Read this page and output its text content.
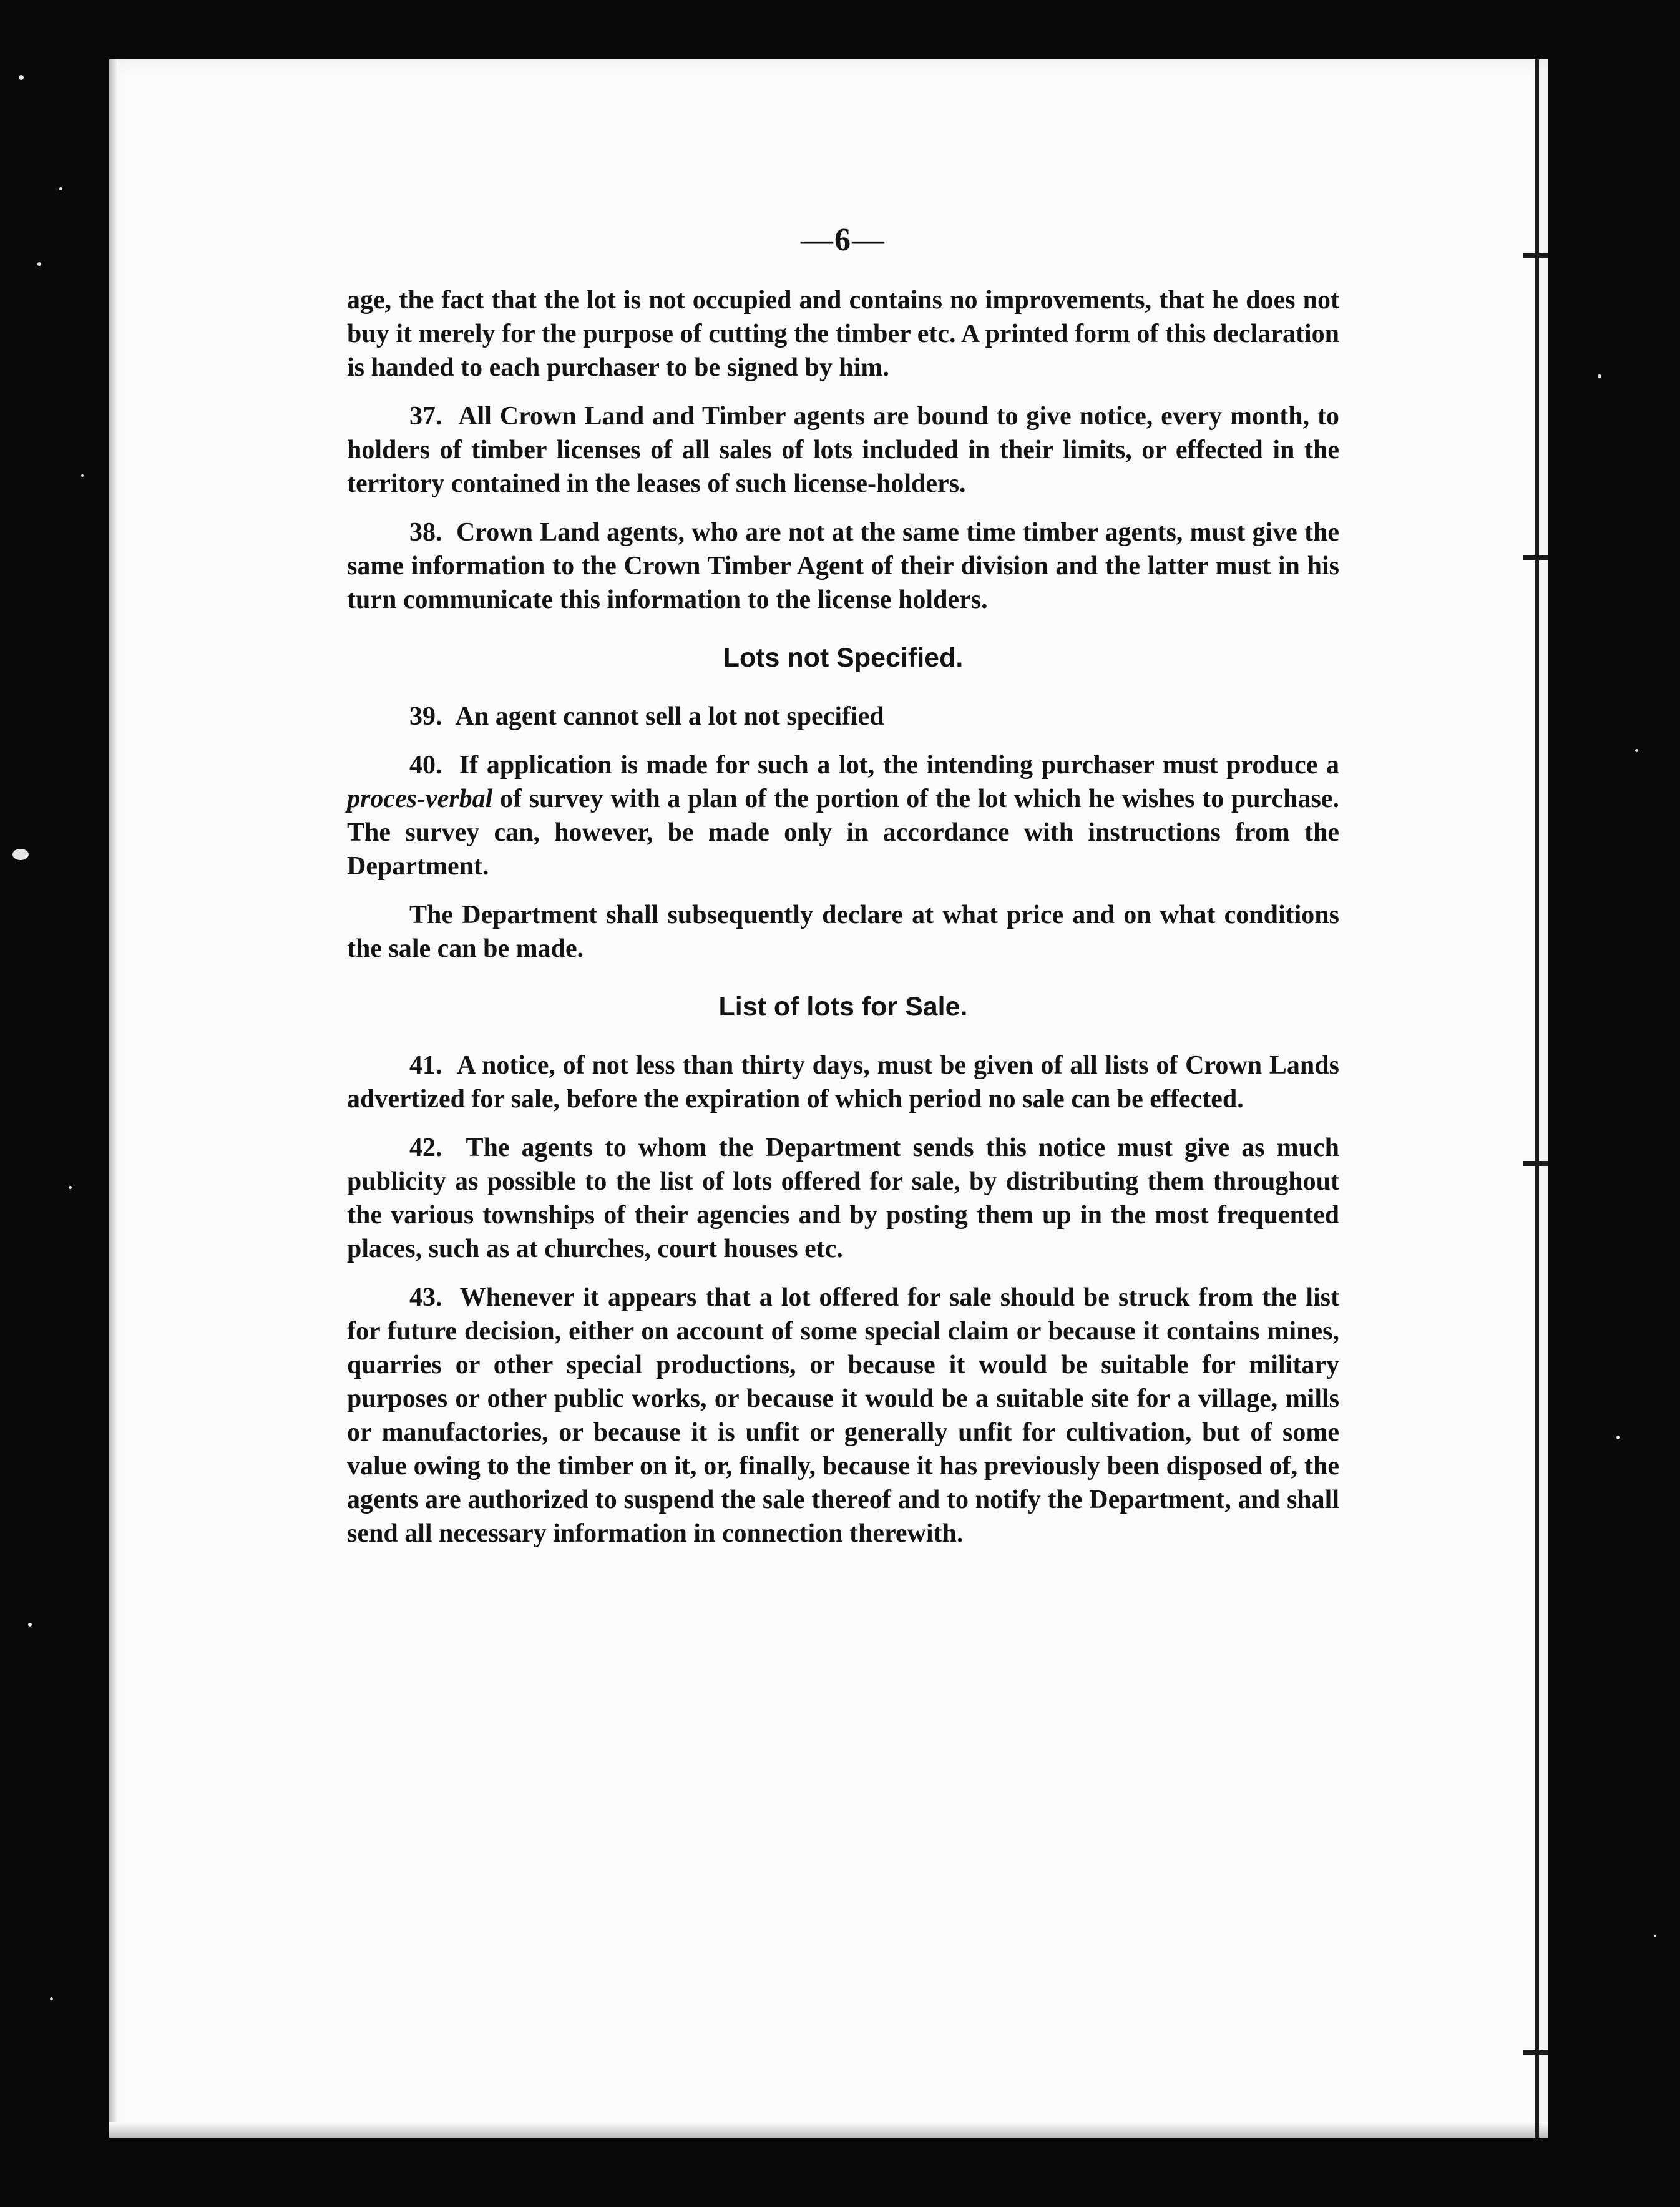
—6—

age, the fact that the lot is not occupied and contains no improvements, that he does not buy it merely for the purpose of cutting the timber etc. A printed form of this declaration is handed to each purchaser to be signed by him.

37. All Crown Land and Timber agents are bound to give notice, every month, to holders of timber licenses of all sales of lots included in their limits, or effected in the territory contained in the leases of such license-holders.

38. Crown Land agents, who are not at the same time timber agents, must give the same information to the Crown Timber Agent of their division and the latter must in his turn communicate this information to the license holders.

Lots not Specified.

39. An agent cannot sell a lot not specified

40. If application is made for such a lot, the intending purchaser must produce a proces-verbal of survey with a plan of the portion of the lot which he wishes to purchase. The survey can, however, be made only in accordance with instructions from the Department.

The Department shall subsequently declare at what price and on what conditions the sale can be made.

List of lots for Sale.

41. A notice, of not less than thirty days, must be given of all lists of Crown Lands advertized for sale, before the expiration of which period no sale can be effected.

42. The agents to whom the Department sends this notice must give as much publicity as possible to the list of lots offered for sale, by distributing them throughout the various townships of their agencies and by posting them up in the most frequented places, such as at churches, court houses etc.

43. Whenever it appears that a lot offered for sale should be struck from the list for future decision, either on account of some special claim or because it contains mines, quarries or other special productions, or because it would be suitable for military purposes or other public works, or because it would be a suitable site for a village, mills or manufactories, or because it is unfit or generally unfit for cultivation, but of some value owing to the timber on it, or, finally, because it has previously been disposed of, the agents are authorized to suspend the sale thereof and to notify the Department, and shall send all necessary information in connection therewith.
